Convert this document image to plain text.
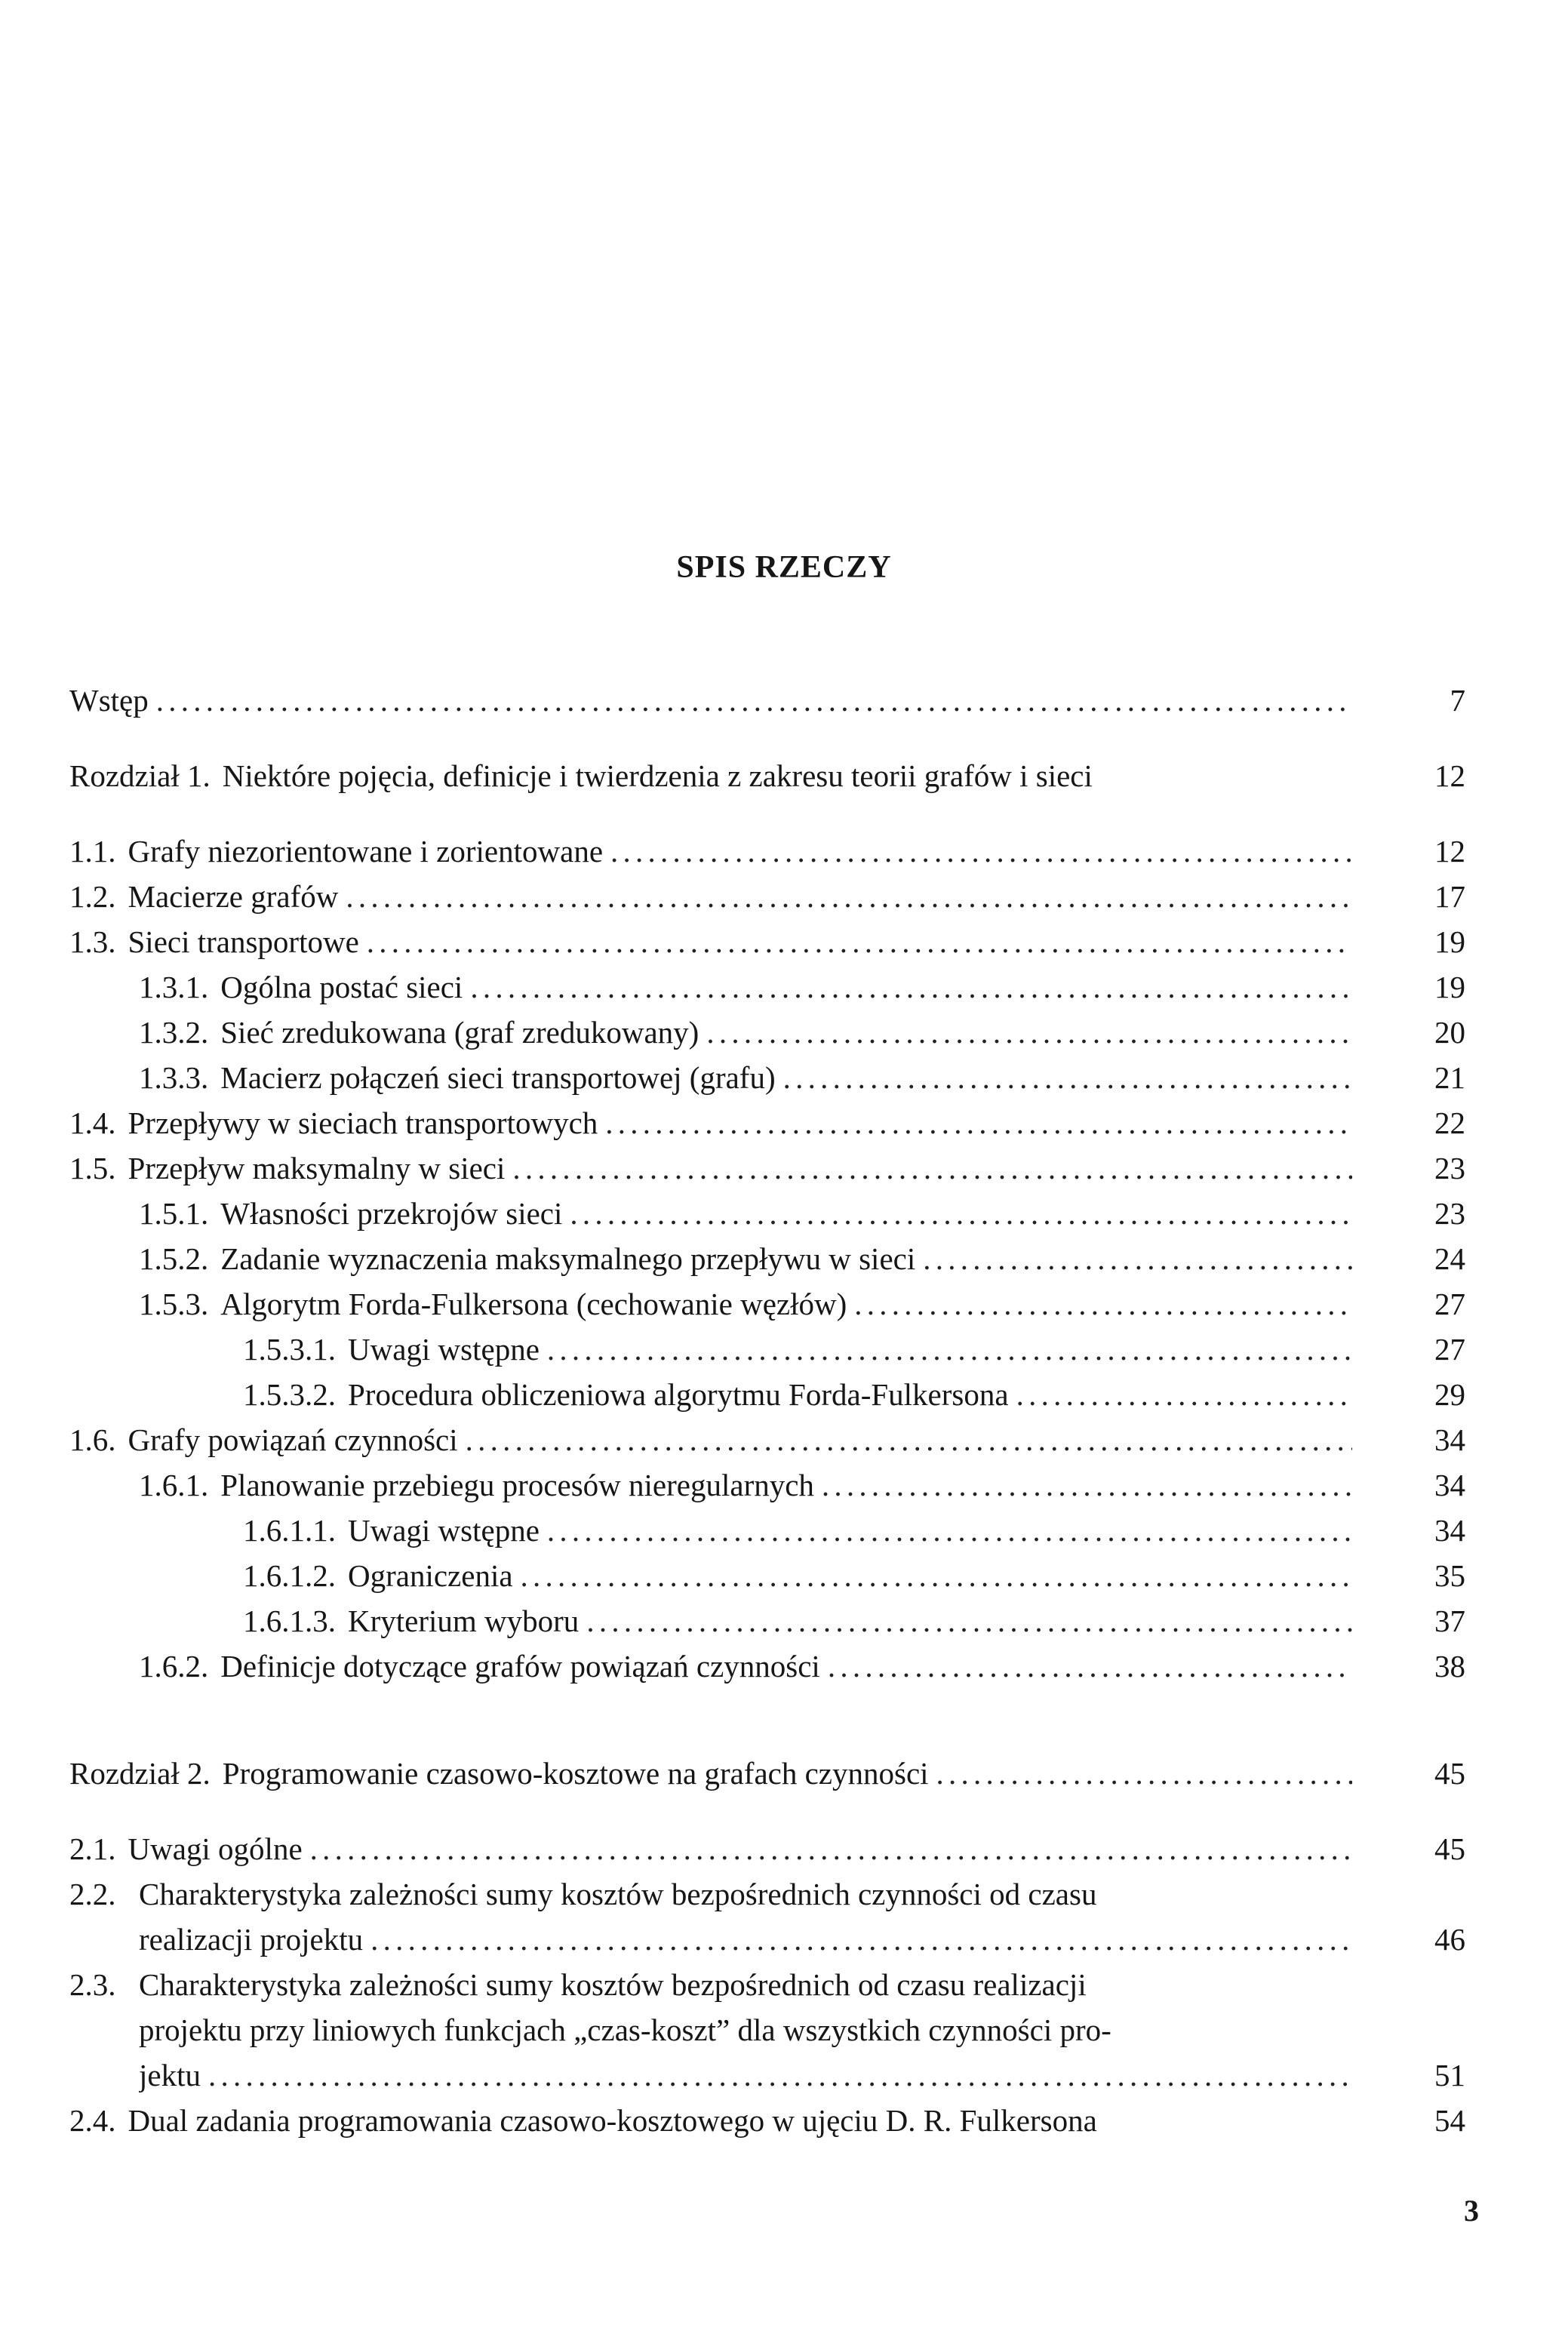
SPIS RZECZY
Wstęp . . .	7
Rozdział 1. Niektóre pojęcia, definicje i twierdzenia z zakresu teorii grafów i sieci	12
1.1. Grafy niezorientowane i zorientowane . . .	12
1.2. Macierze grafów . . .	17
1.3. Sieci transportowe . . .	19
1.3.1. Ogólna postać sieci . . .	19
1.3.2. Sieć zredukowana (graf zredukowany) . . .	20
1.3.3. Macierz połączeń sieci transportowej (grafu) . . .	21
1.4. Przepływy w sieciach transportowych . . .	22
1.5. Przepływ maksymalny w sieci . . .	23
1.5.1. Własności przekrojów sieci . . .	23
1.5.2. Zadanie wyznaczenia maksymalnego przepływu w sieci . . .	24
1.5.3. Algorytm Forda-Fulkersona (cechowanie węzłów) . . .	27
1.5.3.1. Uwagi wstępne . . .	27
1.5.3.2. Procedura obliczeniowa algorytmu Forda-Fulkersona . . .	29
1.6. Grafy powiązań czynności . . .	34
1.6.1. Planowanie przebiegu procesów nieregularnych . . .	34
1.6.1.1. Uwagi wstępne . . .	34
1.6.1.2. Ograniczenia . . .	35
1.6.1.3. Kryterium wyboru . . .	37
1.6.2. Definicje dotyczące grafów powiązań czynności . . .	38
Rozdział 2. Programowanie czasowo-kosztowe na grafach czynności . . .	45
2.1. Uwagi ogólne . . .	45
2.2. Charakterystyka zależności sumy kosztów bezpośrednich czynności od czasu
realizacji projektu . . .	46
2.3. Charakterystyka zależności sumy kosztów bezpośrednich od czasu realizacji
projektu przy liniowych funkcjach „czas-koszt” dla wszystkich czynności pro-
jektu . . .	51
2.4. Dual zadania programowania czasowo-kosztowego w ujęciu D. R. Fulkersona	54
3
